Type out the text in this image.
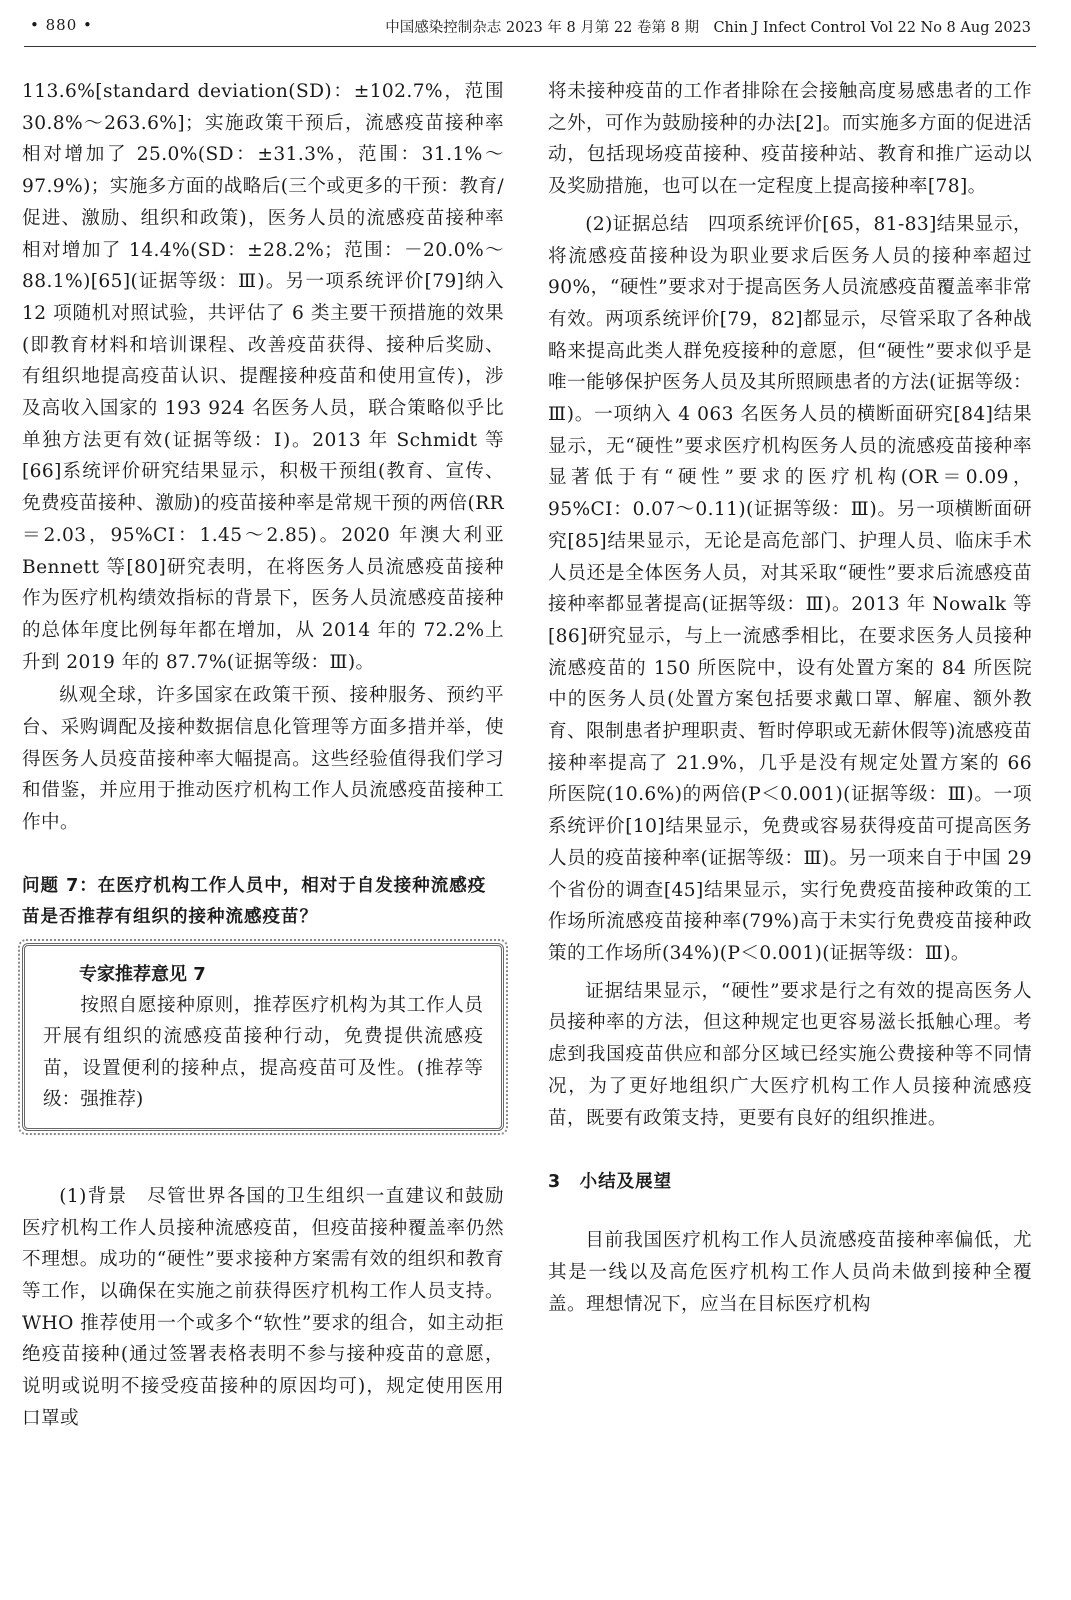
• 880 •	中国感染控制杂志 2023 年 8 月第 22 卷第 8 期　Chin J Infect Control Vol 22 No 8 Aug 2023

113.6%[standard deviation(SD)：±102.7%，范围 30.8%～263.6%]；实施政策干预后，流感疫苗接种率相对增加了 25.0%(SD：±31.3%，范围：31.1%～97.9%)；实施多方面的战略后(三个或更多的干预：教育/促进、激励、组织和政策)，医务人员的流感疫苗接种率相对增加了 14.4%(SD：±28.2%；范围：－20.0%～88.1%)[65](证据等级：Ⅲ)。另一项系统评价[79]纳入 12 项随机对照试验，共评估了 6 类主要干预措施的效果(即教育材料和培训课程、改善疫苗获得、接种后奖励、有组织地提高疫苗认识、提醒接种疫苗和使用宣传)，涉及高收入国家的 193 924 名医务人员，联合策略似乎比单独方法更有效(证据等级：Ⅰ)。2013 年 Schmidt 等[66]系统评价研究结果显示，积极干预组(教育、宣传、免费疫苗接种、激励)的疫苗接种率是常规干预的两倍(RR＝2.03，95%CI：1.45～2.85)。2020 年澳大利亚 Bennett 等[80]研究表明，在将医务人员流感疫苗接种作为医疗机构绩效指标的背景下，医务人员流感疫苗接种的总体年度比例每年都在增加，从 2014 年的 72.2%上升到 2019 年的 87.7%(证据等级：Ⅲ)。

纵观全球，许多国家在政策干预、接种服务、预约平台、采购调配及接种数据信息化管理等方面多措并举，使得医务人员疫苗接种率大幅提高。这些经验值得我们学习和借鉴，并应用于推动医疗机构工作人员流感疫苗接种工作中。

问题 7：在医疗机构工作人员中，相对于自发接种流感疫苗是否推荐有组织的接种流感疫苗？

专家推荐意见 7

按照自愿接种原则，推荐医疗机构为其工作人员开展有组织的流感疫苗接种行动，免费提供流感疫苗，设置便利的接种点，提高疫苗可及性。(推荐等级：强推荐)

(1)背景　尽管世界各国的卫生组织一直建议和鼓励医疗机构工作人员接种流感疫苗，但疫苗接种覆盖率仍然不理想。成功的“硬性”要求接种方案需有效的组织和教育等工作，以确保在实施之前获得医疗机构工作人员支持。WHO 推荐使用一个或多个“软性”要求的组合，如主动拒绝疫苗接种(通过签署表格表明不参与接种疫苗的意愿，说明或说明不接受疫苗接种的原因均可)，规定使用医用口罩或

将未接种疫苗的工作者排除在会接触高度易感患者的工作之外，可作为鼓励接种的办法[2]。而实施多方面的促进活动，包括现场疫苗接种、疫苗接种站、教育和推广运动以及奖励措施，也可以在一定程度上提高接种率[78]。

(2)证据总结　四项系统评价[65，81-83]结果显示，将流感疫苗接种设为职业要求后医务人员的接种率超过 90%，“硬性”要求对于提高医务人员流感疫苗覆盖率非常有效。两项系统评价[79，82]都显示，尽管采取了各种战略来提高此类人群免疫接种的意愿，但“硬性”要求似乎是唯一能够保护医务人员及其所照顾患者的方法(证据等级：Ⅲ)。一项纳入 4 063 名医务人员的横断面研究[84]结果显示，无“硬性”要求医疗机构医务人员的流感疫苗接种率显著低于有“硬性”要求的医疗机构(OR＝0.09，95%CI：0.07～0.11)(证据等级：Ⅲ)。另一项横断面研究[85]结果显示，无论是高危部门、护理人员、临床手术人员还是全体医务人员，对其采取“硬性”要求后流感疫苗接种率都显著提高(证据等级：Ⅲ)。2013 年 Nowalk 等[86]研究显示，与上一流感季相比，在要求医务人员接种流感疫苗的 150 所医院中，设有处置方案的 84 所医院中的医务人员(处置方案包括要求戴口罩、解雇、额外教育、限制患者护理职责、暂时停职或无薪休假等)流感疫苗接种率提高了 21.9%，几乎是没有规定处置方案的 66 所医院(10.6%)的两倍(P＜0.001)(证据等级：Ⅲ)。一项系统评价[10]结果显示，免费或容易获得疫苗可提高医务人员的疫苗接种率(证据等级：Ⅲ)。另一项来自于中国 29 个省份的调查[45]结果显示，实行免费疫苗接种政策的工作场所流感疫苗接种率(79%)高于未实行免费疫苗接种政策的工作场所(34%)(P＜0.001)(证据等级：Ⅲ)。

证据结果显示，“硬性”要求是行之有效的提高医务人员接种率的方法，但这种规定也更容易滋长抵触心理。考虑到我国疫苗供应和部分区域已经实施公费接种等不同情况，为了更好地组织广大医疗机构工作人员接种流感疫苗，既要有政策支持，更要有良好的组织推进。

3　小结及展望

目前我国医疗机构工作人员流感疫苗接种率偏低，尤其是一线以及高危医疗机构工作人员尚未做到接种全覆盖。理想情况下，应当在目标医疗机构
